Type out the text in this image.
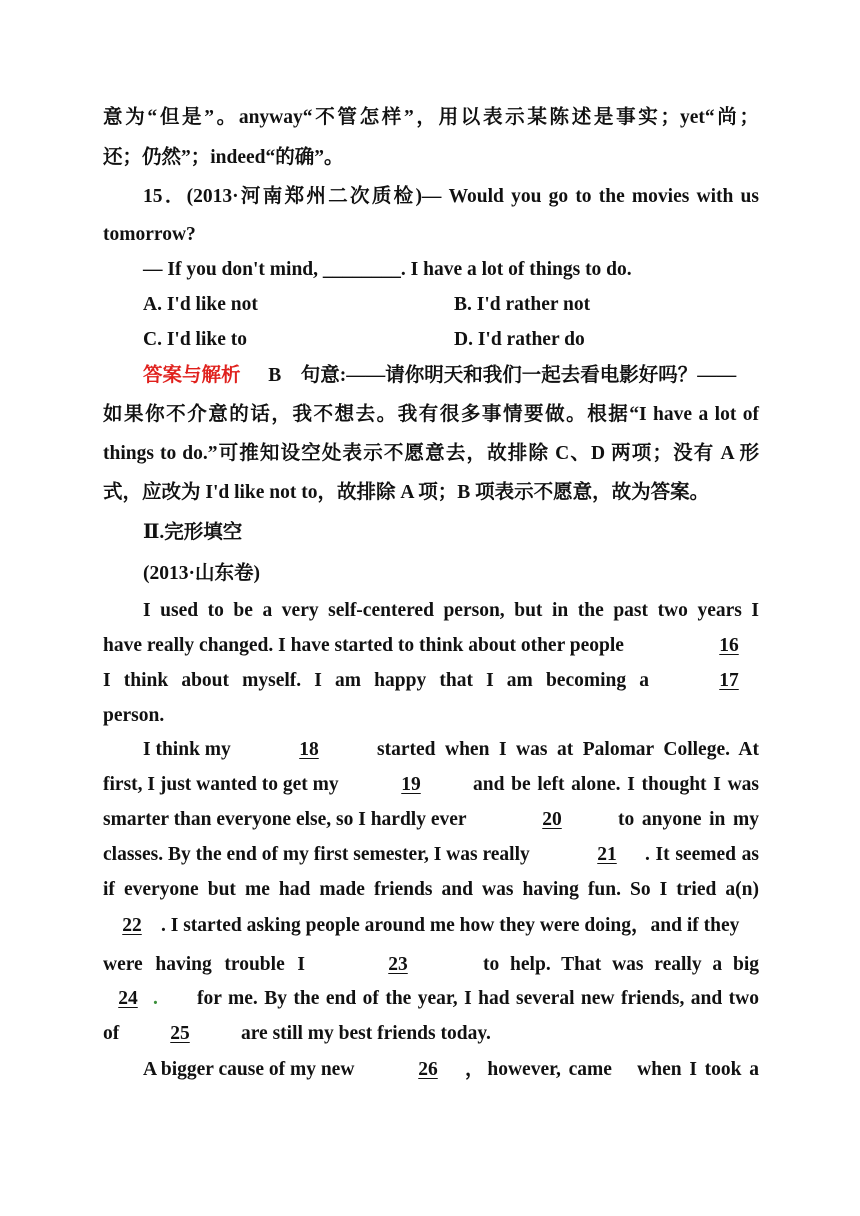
意为“但是”。anyway“不管怎样”，用以表示某陈述是事实；yet“尚；
还；仍然”；indeed“的确”。
15．(2013·河南郑州二次质检)— Would you go to the movies with us
tomorrow?
— If you don't mind, ________. I have a lot of things to do.
A. I'd like not	B. I'd rather not
C. I'd like to	D. I'd rather do
答案与解析 B　句意:——请你明天和我们一起去看电影好吗？——
如果你不介意的话，我不想去。我有很多事情要做。根据“I have a lot of
things to do.”可推知设空处表示不愿意去，故排除 C、D 两项；没有 A 形
式，应改为 I'd like not to，故排除 A 项；B 项表示不愿意，故为答案。
Ⅱ.完形填空
(2013·山东卷)
I used to be a very self-centered person, but in the past two years I
have really changed. I have started to think about other people	16
I think about myself. I am happy that I am becoming a	17
person.
I think my	18	started when I was at Palomar College. At
first, I just wanted to get my	19	and be left alone. I thought I was
smarter than everyone else, so I hardly ever	20	to anyone in my
classes. By the end of my first semester, I was really	21	. It seemed as
if everyone but me had made friends and was having fun. So I tried a(n)
22 . I started asking people around me how they were doing，and if they
were having trouble I	23	to help. That was really a big
24 . for me. By the end of the year, I had several new friends, and two
of	25	are still my best friends today.
A bigger cause of my new	26	，however, came　when I took a
